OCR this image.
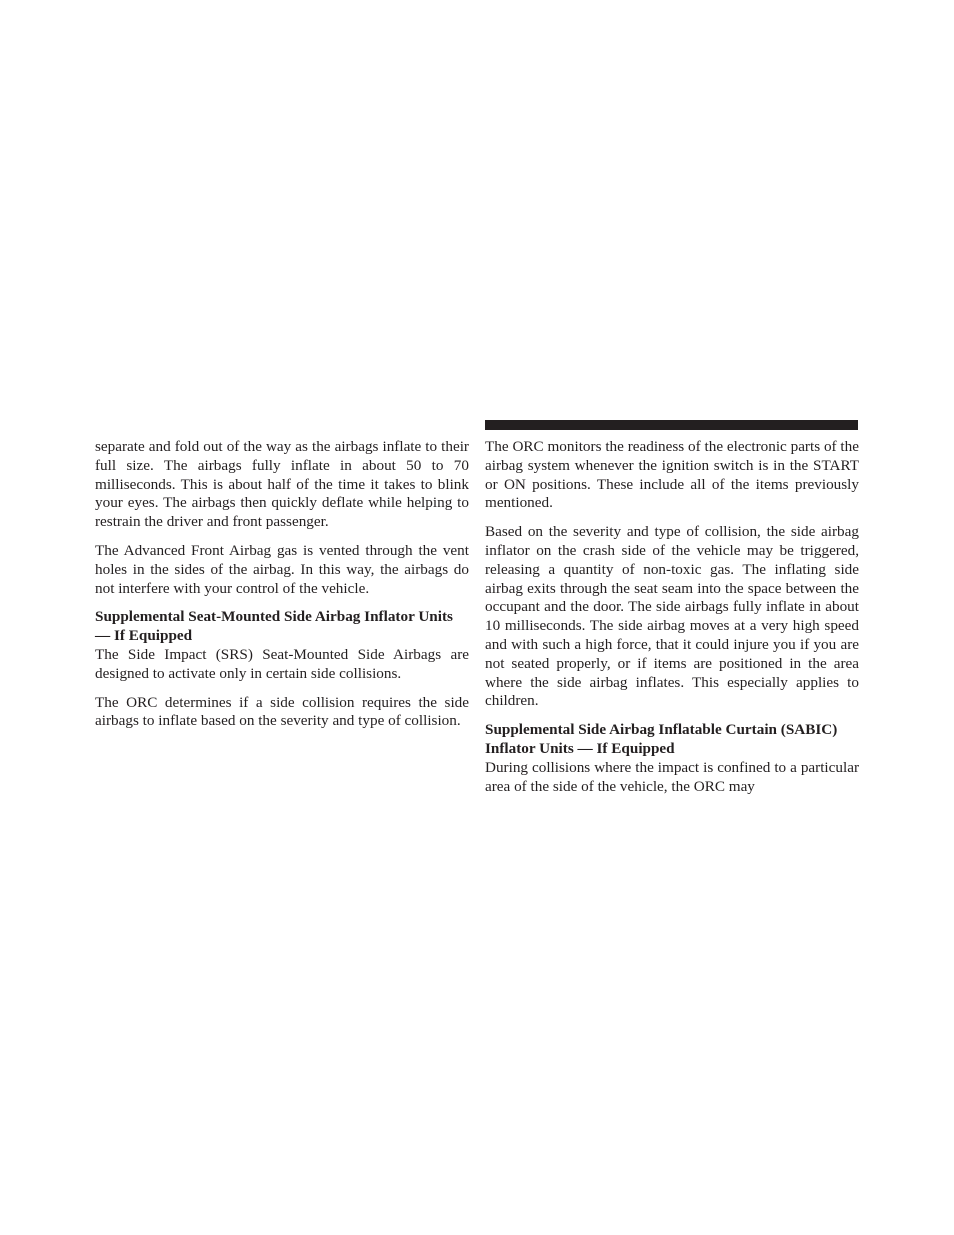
separate and fold out of the way as the airbags inflate to their full size. The airbags fully inflate in about 50 to 70 milliseconds. This is about half of the time it takes to blink your eyes. The airbags then quickly deflate while helping to restrain the driver and front passenger.

The Advanced Front Airbag gas is vented through the vent holes in the sides of the airbag. In this way, the airbags do not interfere with your control of the vehicle.

Supplemental Seat-Mounted Side Airbag Inflator Units — If Equipped

The Side Impact (SRS) Seat-Mounted Side Airbags are designed to activate only in certain side collisions.

The ORC determines if a side collision requires the side airbags to inflate based on the severity and type of collision.

The ORC monitors the readiness of the electronic parts of the airbag system whenever the ignition switch is in the START or ON positions. These include all of the items previously mentioned.

Based on the severity and type of collision, the side airbag inflator on the crash side of the vehicle may be triggered, releasing a quantity of non-toxic gas. The inflating side airbag exits through the seat seam into the space between the occupant and the door. The side airbags fully inflate in about 10 milliseconds. The side airbag moves at a very high speed and with such a high force, that it could injure you if you are not seated properly, or if items are positioned in the area where the side airbag inflates. This especially applies to children.

Supplemental Side Airbag Inflatable Curtain (SABIC) Inflator Units — If Equipped

During collisions where the impact is confined to a particular area of the side of the vehicle, the ORC may
